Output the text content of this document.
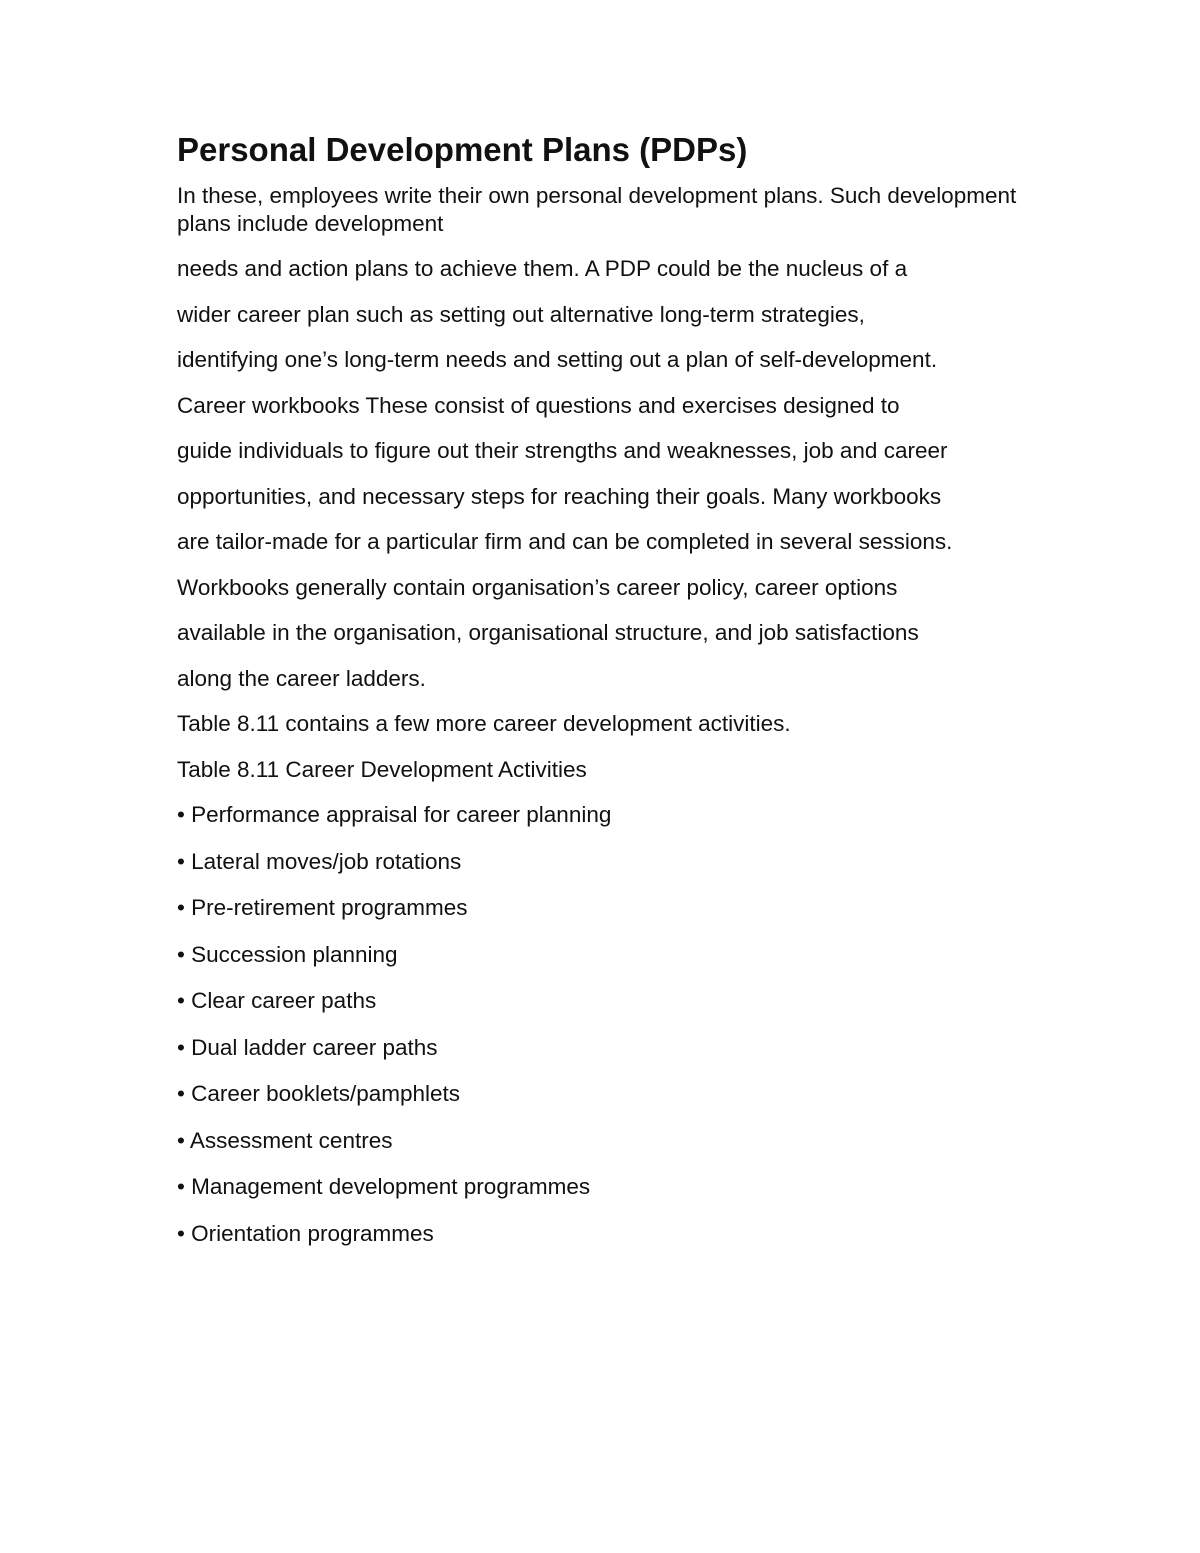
Personal Development Plans (PDPs)

In these, employees write their own personal development plans. Such development plans include development

needs and action plans to achieve them. A PDP could be the nucleus of a

wider career plan such as setting out alternative long-term strategies,

identifying one’s long-term needs and setting out a plan of self-development.

Career workbooks These consist of questions and exercises designed to

guide individuals to figure out their strengths and weaknesses, job and career

opportunities, and necessary steps for reaching their goals. Many workbooks

are tailor-made for a particular firm and can be completed in several sessions.

Workbooks generally contain organisation’s career policy, career options

available in the organisation, organisational structure, and job satisfactions

along the career ladders.

Table 8.11 contains a few more career development activities.

Table 8.11 Career Development Activities

• Performance appraisal for career planning
• Lateral moves/job rotations
• Pre-retirement programmes
• Succession planning
• Clear career paths
• Dual ladder career paths
• Career booklets/pamphlets
• Assessment centres
• Management development programmes
• Orientation programmes
